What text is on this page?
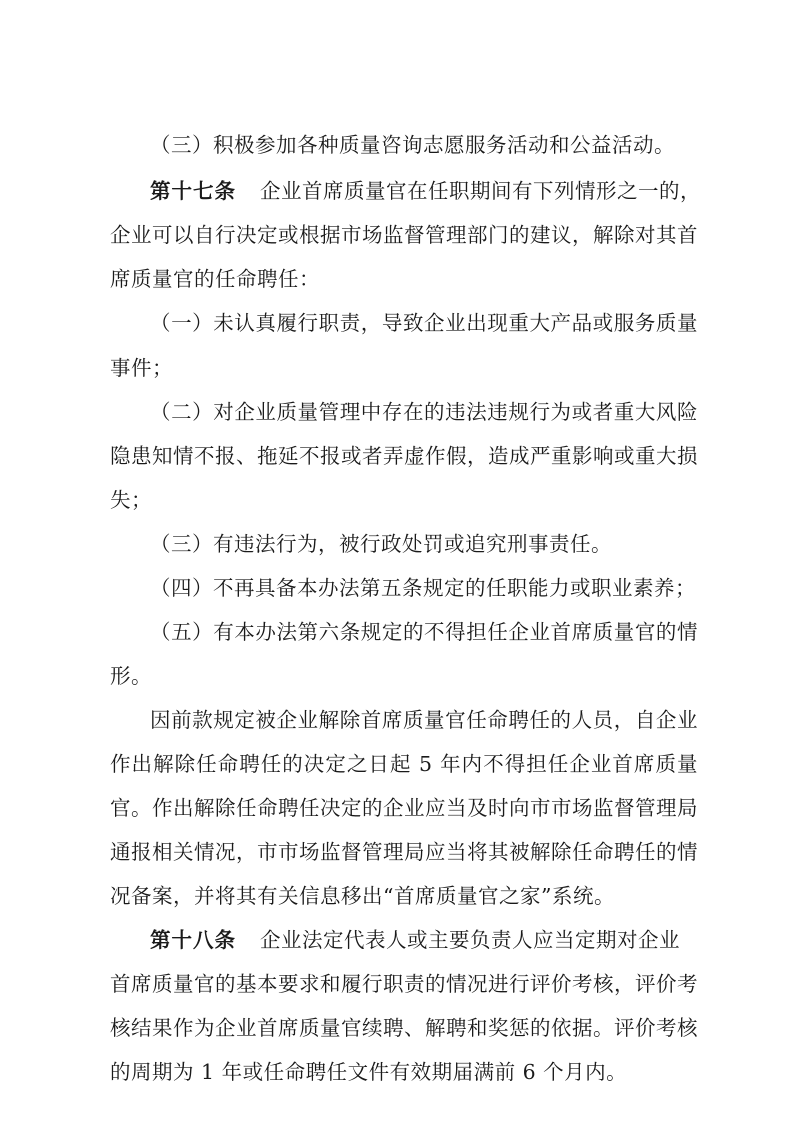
（三）积极参加各种质量咨询志愿服务活动和公益活动。
第十七条 企业首席质量官在任职期间有下列情形之一的，
企业可以自行决定或根据市场监督管理部门的建议，解除对其首
席质量官的任命聘任：
（一）未认真履行职责，导致企业出现重大产品或服务质量
事件；
（二）对企业质量管理中存在的违法违规行为或者重大风险
隐患知情不报、拖延不报或者弄虚作假，造成严重影响或重大损
失；
（三）有违法行为，被行政处罚或追究刑事责任。
（四）不再具备本办法第五条规定的任职能力或职业素养；
（五）有本办法第六条规定的不得担任企业首席质量官的情
形。
因前款规定被企业解除首席质量官任命聘任的人员，自企业
作出解除任命聘任的决定之日起 5 年内不得担任企业首席质量
官。作出解除任命聘任决定的企业应当及时向市市场监督管理局
通报相关情况，市市场监督管理局应当将其被解除任命聘任的情
况备案，并将其有关信息移出“首席质量官之家”系统。
第十八条 企业法定代表人或主要负责人应当定期对企业
首席质量官的基本要求和履行职责的情况进行评价考核，评价考
核结果作为企业首席质量官续聘、解聘和奖惩的依据。评价考核
的周期为 1 年或任命聘任文件有效期届满前 6 个月内。
